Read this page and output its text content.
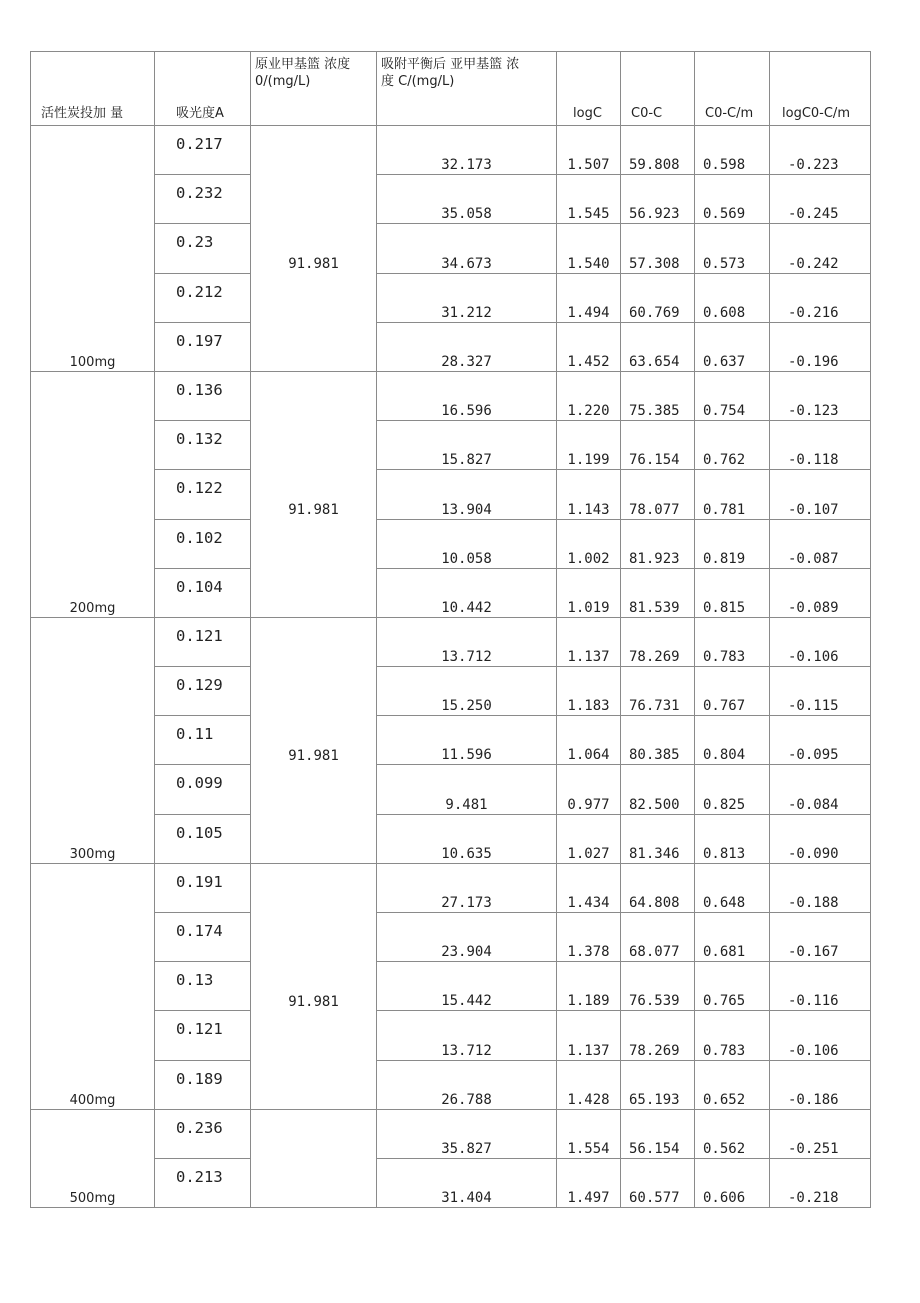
活性炭投加 量	吸光度A	原业甲基篮 浓度 0/(mg/L)	吸附平衡后 亚甲基篮 浓度 C/(mg/L)	logC	C0-C	C0-C/m	logC0-C/m

100mg	0.217		32.173	1.507	59.808	0.598	-0.223

	0.232		35.058	1.545	56.923	0.569	-0.245

	0.23	91.981	34.673	1.540	57.308	0.573	-0.242

	0.212		31.212	1.494	60.769	0.608	-0.216

	0.197		28.327	1.452	63.654	0.637	-0.196

200mg	0.136		16.596	1.220	75.385	0.754	-0.123

	0.132		15.827	1.199	76.154	0.762	-0.118

	0.122	91.981	13.904	1.143	78.077	0.781	-0.107

	0.102		10.058	1.002	81.923	0.819	-0.087

	0.104		10.442	1.019	81.539	0.815	-0.089

300mg	0.121		13.712	1.137	78.269	0.783	-0.106

	0.129		15.250	1.183	76.731	0.767	-0.115

	0.11	91.981	11.596	1.064	80.385	0.804	-0.095

	0.099		9.481	0.977	82.500	0.825	-0.084

	0.105		10.635	1.027	81.346	0.813	-0.090

400mg	0.191		27.173	1.434	64.808	0.648	-0.188

	0.174		23.904	1.378	68.077	0.681	-0.167

	0.13	91.981	15.442	1.189	76.539	0.765	-0.116

	0.121		13.712	1.137	78.269	0.783	-0.106

	0.189		26.788	1.428	65.193	0.652	-0.186

500mg	0.236		35.827	1.554	56.154	0.562	-0.251

	0.213		31.404	1.497	60.577	0.606	-0.218
